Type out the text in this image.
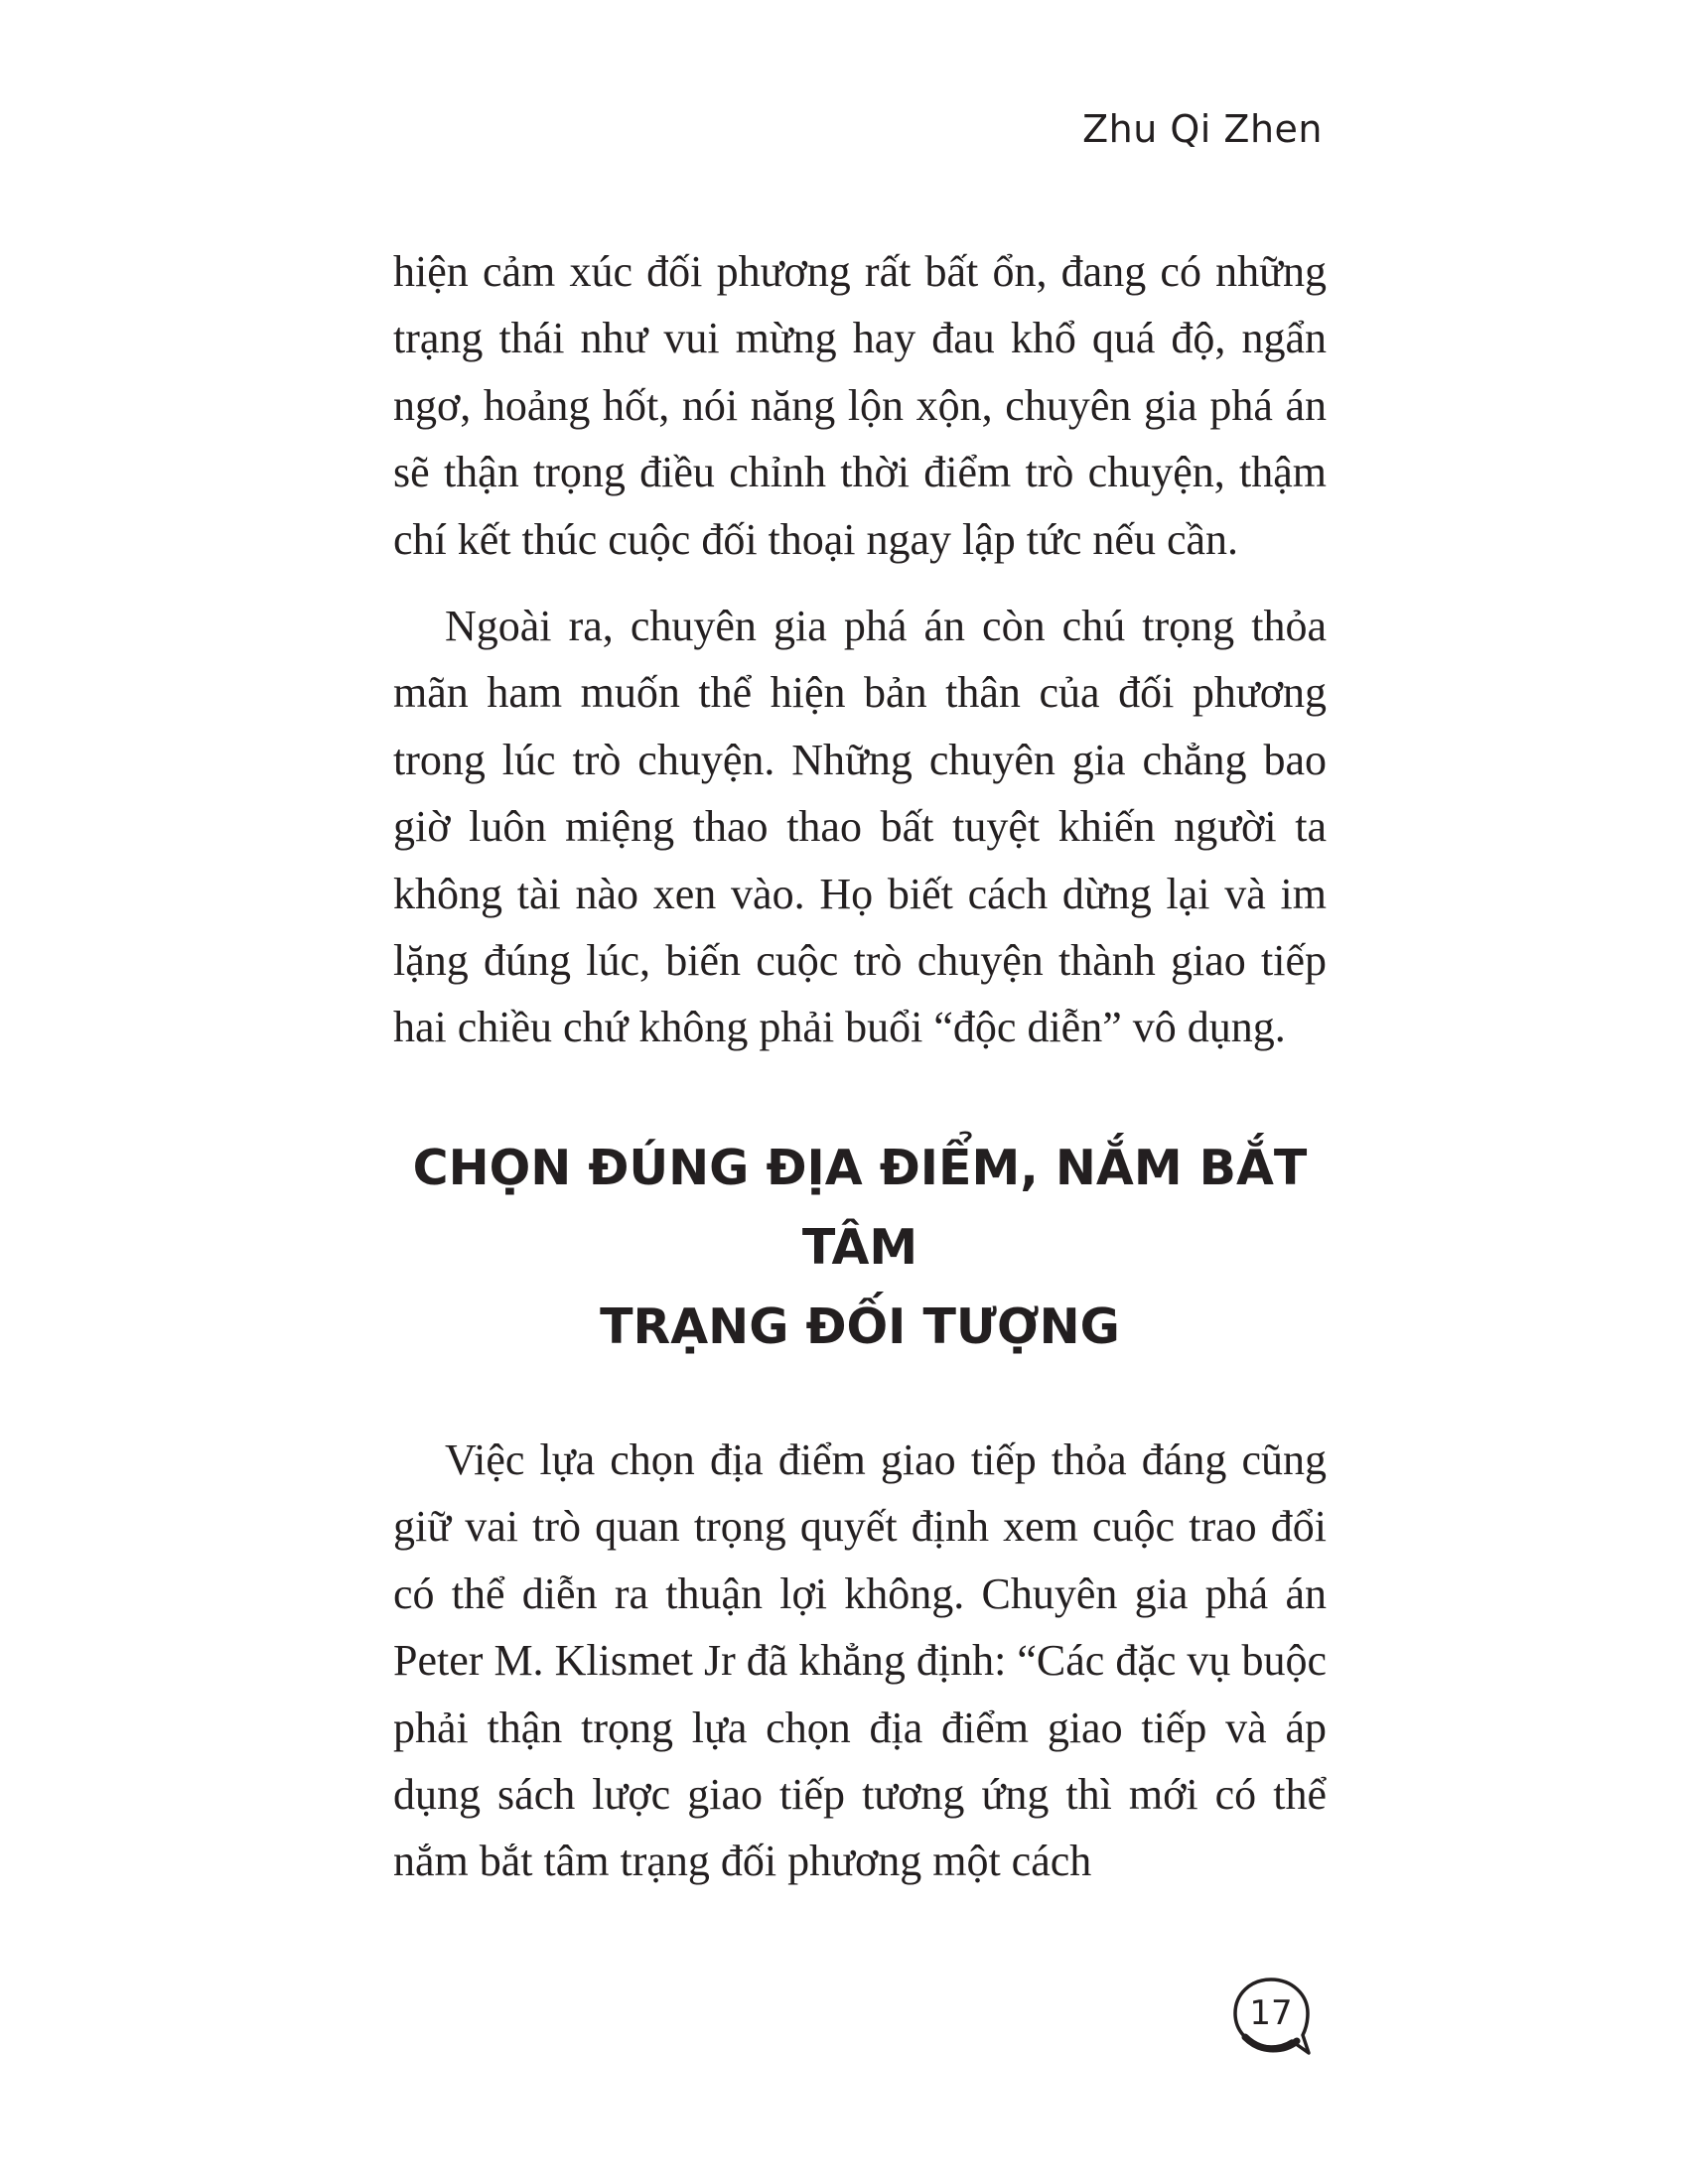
Zhu Qi Zhen

hiện cảm xúc đối phương rất bất ổn, đang có những trạng thái như vui mừng hay đau khổ quá độ, ngẩn ngơ, hoảng hốt, nói năng lộn xộn, chuyên gia phá án sẽ thận trọng điều chỉnh thời điểm trò chuyện, thậm chí kết thúc cuộc đối thoại ngay lập tức nếu cần.

Ngoài ra, chuyên gia phá án còn chú trọng thỏa mãn ham muốn thể hiện bản thân của đối phương trong lúc trò chuyện. Những chuyên gia chẳng bao giờ luôn miệng thao thao bất tuyệt khiến người ta không tài nào xen vào. Họ biết cách dừng lại và im lặng đúng lúc, biến cuộc trò chuyện thành giao tiếp hai chiều chứ không phải buổi “độc diễn” vô dụng.

CHỌN ĐÚNG ĐỊA ĐIỂM, NẮM BẮT TÂM
TRẠNG ĐỐI TƯỢNG

Việc lựa chọn địa điểm giao tiếp thỏa đáng cũng giữ vai trò quan trọng quyết định xem cuộc trao đổi có thể diễn ra thuận lợi không. Chuyên gia phá án Peter M. Klismet Jr đã khẳng định: “Các đặc vụ buộc phải thận trọng lựa chọn địa điểm giao tiếp và áp dụng sách lược giao tiếp tương ứng thì mới có thể nắm bắt tâm trạng đối phương một cách

17
